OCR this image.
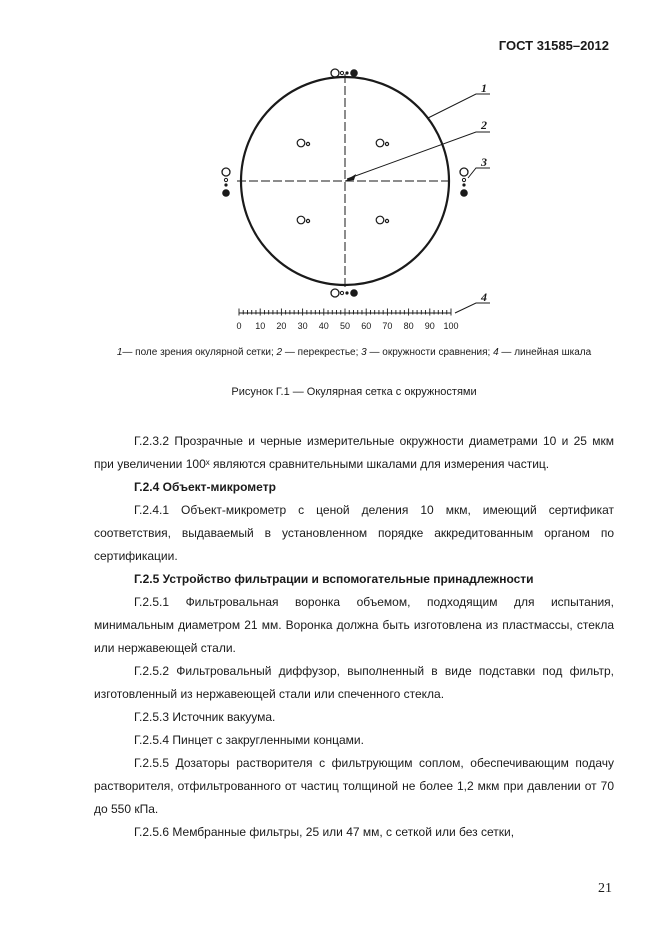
ГОСТ 31585–2012
1
2
3
4
0 10 20 30 40 50 60 70 80 90 100
1— поле зрения окулярной сетки; 2 — перекрестье; 3 — окружности сравнения; 4 — линейная шкала
Рисунок Г.1 — Окулярная сетка с окружностями

Г.2.3.2 Прозрачные и черные измерительные окружности диаметрами 10 и 25 мкм при увеличении 100ˣ являются сравнительными шкалами для измерения частиц.

Г.2.4 Объект-микрометр

Г.2.4.1 Объект-микрометр с ценой деления 10 мкм, имеющий сертификат соответствия, выдаваемый в установленном порядке аккредитованным органом по сертификации.

Г.2.5 Устройство фильтрации и вспомогательные принадлежности

Г.2.5.1 Фильтровальная воронка объемом, подходящим для испытания, минимальным диаметром 21 мм. Воронка должна быть изготовлена из пластмассы, стекла или нержавеющей стали.

Г.2.5.2 Фильтровальный диффузор, выполненный в виде подставки под фильтр, изготовленный из нержавеющей стали или спеченного стекла.

Г.2.5.3 Источник вакуума.

Г.2.5.4 Пинцет с закругленными концами.

Г.2.5.5 Дозаторы растворителя с фильтрующим соплом, обеспечивающим подачу растворителя, отфильтрованного от частиц толщиной не более 1,2 мкм при давлении от 70 до 550 кПа.

Г.2.5.6 Мембранные фильтры, 25 или 47 мм, с сеткой или без сетки,

21
